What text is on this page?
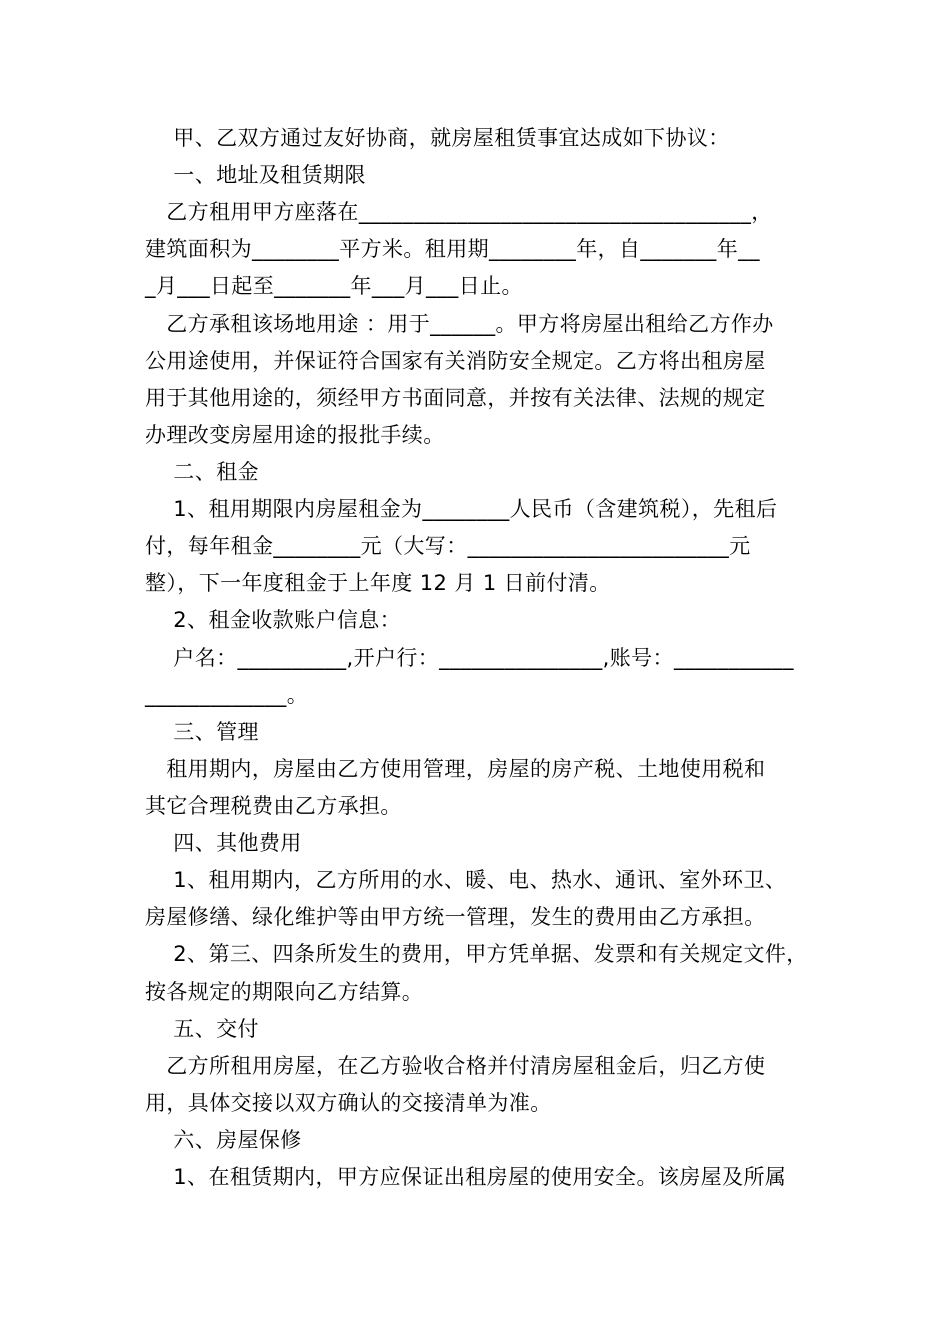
甲、乙双方通过友好协商，就房屋租赁事宜达成如下协议：
一、地址及租赁期限
乙方租用甲方座落在____________________________________，
建筑面积为________平方米。租用期________年，自_______年__
_月___日起至_______年___月___日止。
乙方承租该场地用途 ：用于______。甲方将房屋出租给乙方作办
公用途使用，并保证符合国家有关消防安全规定。乙方将出租房屋
用于其他用途的，须经甲方书面同意，并按有关法律、法规的规定
办理改变房屋用途的报批手续。
二、租金
1、租用期限内房屋租金为________人民币（含建筑税），先租后
付，每年租金________元（大写：________________________元
整），下一年度租金于上年度 12 月 1 日前付清。
2、租金收款账户信息：
户名：__________,开户行：_______________,账号：___________
_____________。
三、管理
租用期内，房屋由乙方使用管理，房屋的房产税、土地使用税和
其它合理税费由乙方承担。
四、其他费用
1、租用期内，乙方所用的水、暖、电、热水、通讯、室外环卫、
房屋修缮、绿化维护等由甲方统一管理，发生的费用由乙方承担。
2、第三、四条所发生的费用，甲方凭单据、发票和有关规定文件，
按各规定的期限向乙方结算。
五、交付
乙方所租用房屋，在乙方验收合格并付清房屋租金后，归乙方使
用，具体交接以双方确认的交接清单为准。
六、房屋保修
1、在租赁期内，甲方应保证出租房屋的使用安全。该房屋及所属
